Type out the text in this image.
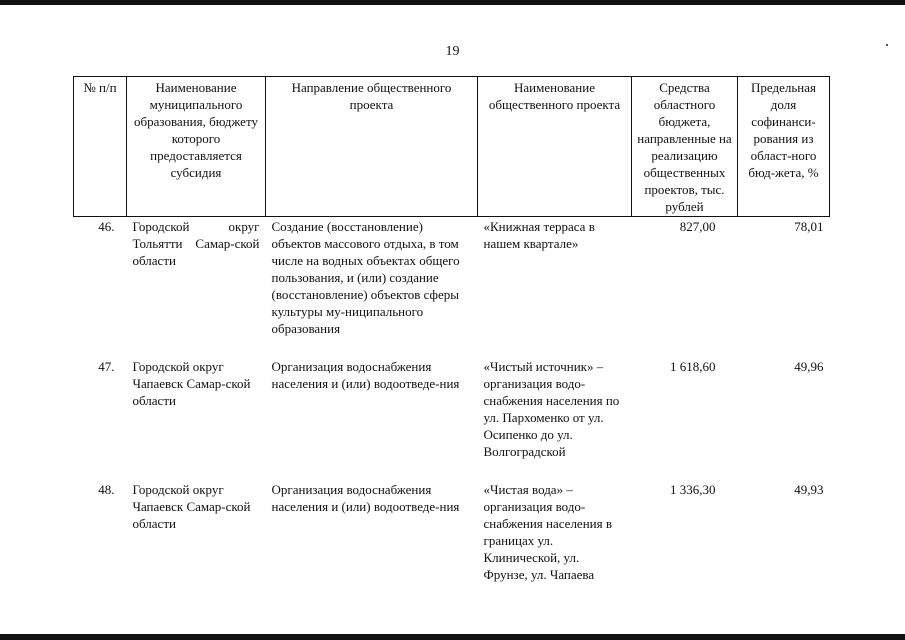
19
№ п/п	Наименование муниципального образования, бюджету которого предоставляется субсидия	Направление общественного проекта	Наименование общественного проекта	Средства областного бюджета, направленные на реализацию общественных проектов, тыс. рублей	Предельная доля софинанси-рования из област-ного бюд-жета, %
46.	Городской округ Тольятти Самар-ской области	Создание (восстановление) объектов массового отдыха, в том числе на водных объектах общего пользования, и (или) создание (восстановление) объектов сферы культуры му-ниципального образования	«Книжная терраса в нашем квартале»	827,00	78,01
47.	Городской округ Чапаевск Самар-ской области	Организация водоснабжения населения и (или) водоотведе-ния	«Чистый источник» – организация водо-снабжения населения по ул. Пархоменко от ул. Осипенко до ул. Волгоградской	1 618,60	49,96
48.	Городской округ Чапаевск Самар-ской области	Организация водоснабжения населения и (или) водоотведе-ния	«Чистая вода» – организация водо-снабжения населения в границах ул. Клинической, ул. Фрунзе, ул. Чапаева	1 336,30	49,93
